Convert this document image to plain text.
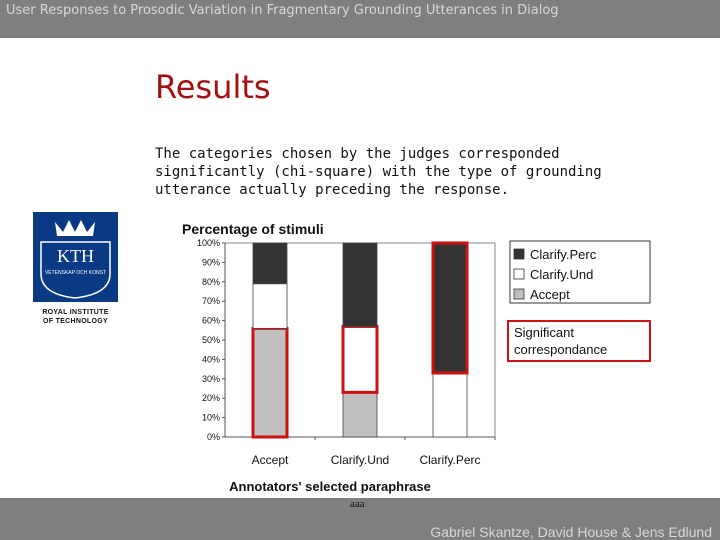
User Responses to Prosodic Variation in Fragmentary Grounding Utterances in Dialog
Results
The categories chosen by the judges corresponded significantly (chi-square) with the type of grounding utterance actually preceding the response.
KTH
VETENSKAP OCH KONST
ROYAL INSTITUTE
OF TECHNOLOGY
Percentage of stimuli
0%
10%
20%
30%
40%
50%
60%
70%
80%
90%
100%
Accept	Clarify.Und	Clarify.Perc
Annotators' selected paraphrase
Clarify.Perc
Clarify.Und
Accept
Significant
correspondance
aaa
Gabriel Skantze, David House & Jens Edlund
